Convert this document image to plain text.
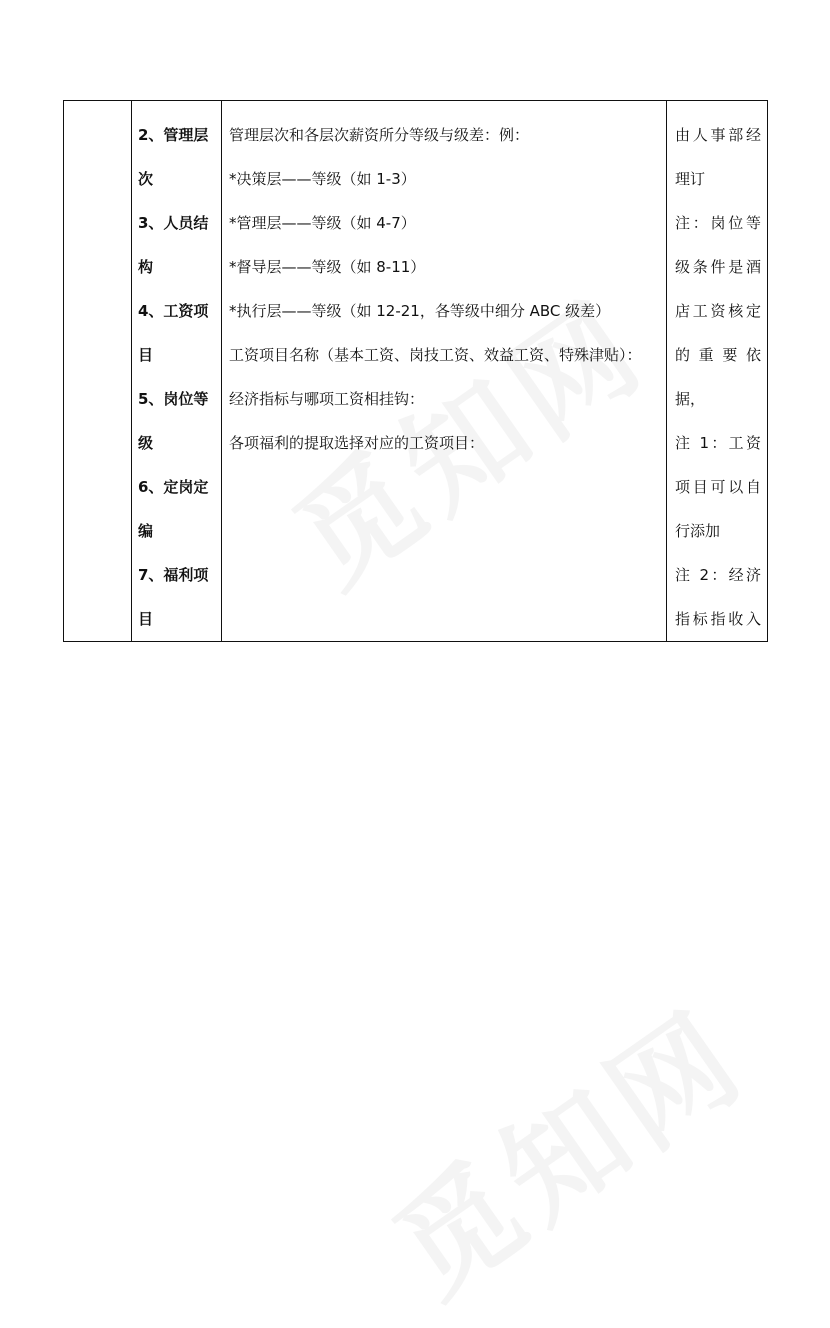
2、管理层
次
3、人员结
构
4、工资项
目
5、岗位等
级
6、定岗定
编
7、福利项
目

管理层次和各层次薪资所分等级与级差：例：
*决策层——等级（如 1-3）
*管理层——等级（如 4-7）
*督导层——等级（如 8-11）
*执行层——等级（如 12-21，各等级中细分 ABC 级差）
工资项目名称（基本工资、岗技工资、效益工资、特殊津贴）：
经济指标与哪项工资相挂钩：
各项福利的提取选择对应的工资项目：

由人事部经
理订
注：岗位等
级条件是酒
店工资核定
的 重 要 依
据，
注 1：工资
项目可以自
行添加
注 2：经济
指标指收入
